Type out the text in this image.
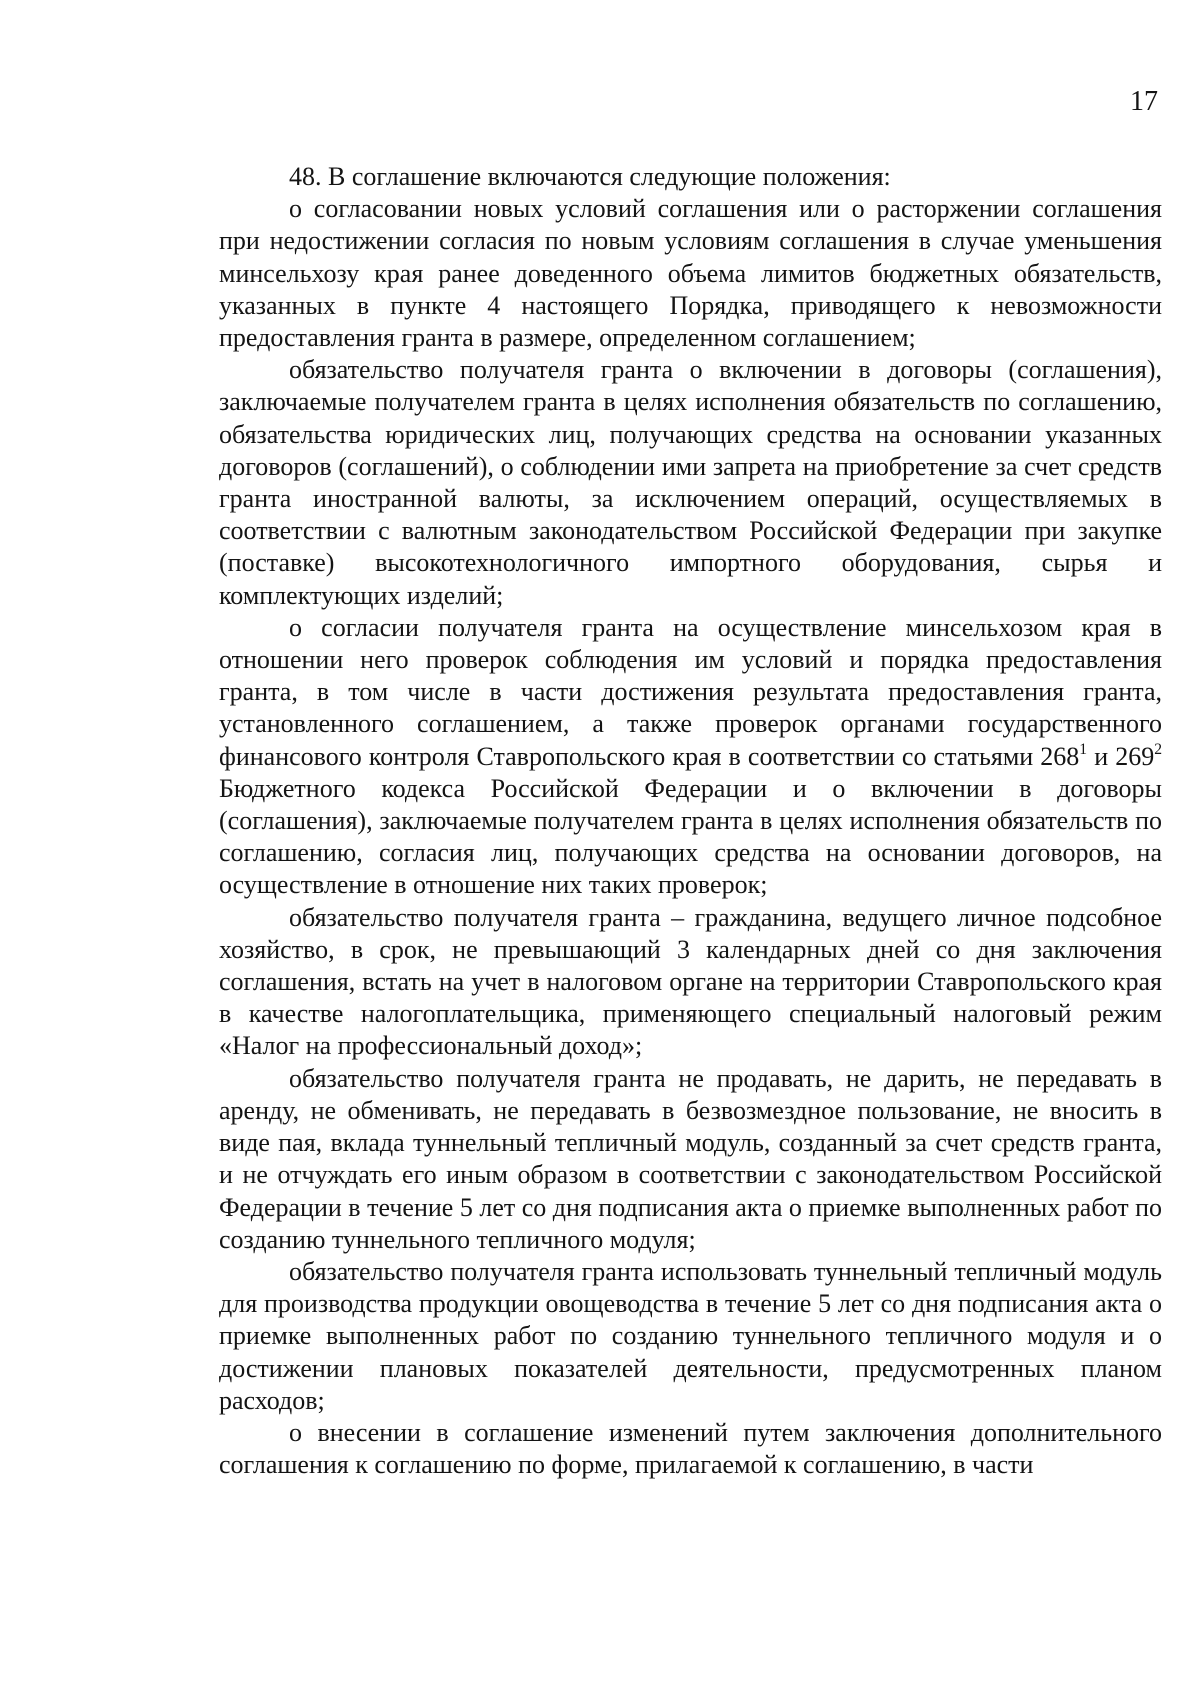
17

48. В соглашение включаются следующие положения:

о согласовании новых условий соглашения или о расторжении соглашения при недостижении согласия по новым условиям соглашения в случае уменьшения минсельхозу края ранее доведенного объема лимитов бюджетных обязательств, указанных в пункте 4 настоящего Порядка, приводящего к невозможности предоставления гранта в размере, определенном соглашением;

обязательство получателя гранта о включении в договоры (соглашения), заключаемые получателем гранта в целях исполнения обязательств по соглашению, обязательства юридических лиц, получающих средства на основании указанных договоров (соглашений), о соблюдении ими запрета на приобретение за счет средств гранта иностранной валюты, за исключением операций, осуществляемых в соответствии с валютным законодательством Российской Федерации при закупке (поставке) высокотехнологичного импортного оборудования, сырья и комплектующих изделий;

о согласии получателя гранта на осуществление минсельхозом края в отношении него проверок соблюдения им условий и порядка предоставления гранта, в том числе в части достижения результата предоставления гранта, установленного соглашением, а также проверок органами государственного финансового контроля Ставропольского края в соответствии со статьями $268^1$ и $269^2$ Бюджетного кодекса Российской Федерации и о включении в договоры (соглашения), заключаемые получателем гранта в целях исполнения обязательств по соглашению, согласия лиц, получающих средства на основании договоров, на осуществление в отношение них таких проверок;

обязательство получателя гранта – гражданина, ведущего личное подсобное хозяйство, в срок, не превышающий 3 календарных дней со дня заключения соглашения, встать на учет в налоговом органе на территории Ставропольского края в качестве налогоплательщика, применяющего специальный налоговый режим «Налог на профессиональный доход»;

обязательство получателя гранта не продавать, не дарить, не передавать в аренду, не обменивать, не передавать в безвозмездное пользование, не вносить в виде пая, вклада туннельный тепличный модуль, созданный за счет средств гранта, и не отчуждать его иным образом в соответствии с законодательством Российской Федерации в течение 5 лет со дня подписания акта о приемке выполненных работ по созданию туннельного тепличного модуля;

обязательство получателя гранта использовать туннельный тепличный модуль для производства продукции овощеводства в течение 5 лет со дня подписания акта о приемке выполненных работ по созданию туннельного тепличного модуля и о достижении плановых показателей деятельности, предусмотренных планом расходов;

о внесении в соглашение изменений путем заключения дополнительного соглашения к соглашению по форме, прилагаемой к соглашению, в части
